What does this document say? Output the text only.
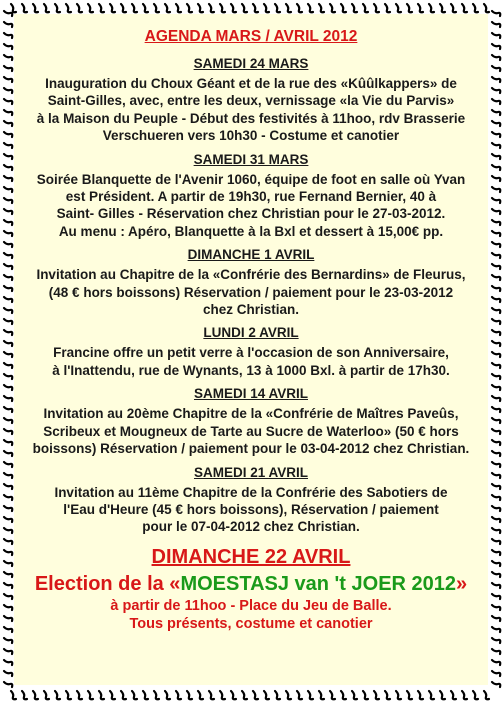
AGENDA MARS / AVRIL 2012
SAMEDI 24 MARS
Inauguration du Choux Géant et de la rue des «Kûûlkappers» de
Saint-Gilles, avec, entre les deux, vernissage «la Vie du Parvis»
à la Maison du Peuple - Début des festivités à 11hoo, rdv Brasserie
Verschueren vers 10h30 - Costume et canotier
SAMEDI 31 MARS
Soirée Blanquette de l'Avenir 1060, équipe de foot en salle où Yvan
est Président. A partir de 19h30, rue Fernand Bernier, 40 à
Saint- Gilles - Réservation chez Christian pour le 27-03-2012.
Au menu : Apéro, Blanquette à la Bxl et dessert à 15,00€ pp.
DIMANCHE 1 AVRIL
Invitation au Chapitre de la «Confrérie des Bernardins» de Fleurus,
(48 € hors boissons) Réservation / paiement pour le 23-03-2012
chez Christian.
LUNDI 2 AVRIL
Francine offre un petit verre à l'occasion de son Anniversaire,
à l'Inattendu, rue de Wynants, 13 à 1000 Bxl. à partir de 17h30.
SAMEDI 14 AVRIL
Invitation au 20ème Chapitre de la «Confrérie de Maîtres Paveûs,
Scribeux et Mougneux de Tarte au Sucre de Waterloo» (50 € hors
boissons) Réservation / paiement pour le 03-04-2012 chez Christian.
SAMEDI 21 AVRIL
Invitation au 11ème Chapitre de la Confrérie des Sabotiers de
l'Eau d'Heure (45 € hors boissons), Réservation / paiement
pour le 07-04-2012 chez Christian.
DIMANCHE 22 AVRIL
Election de la «MOESTASJ van 't JOER 2012»
à partir de 11hoo - Place du Jeu de Balle.
Tous présents, costume et canotier
